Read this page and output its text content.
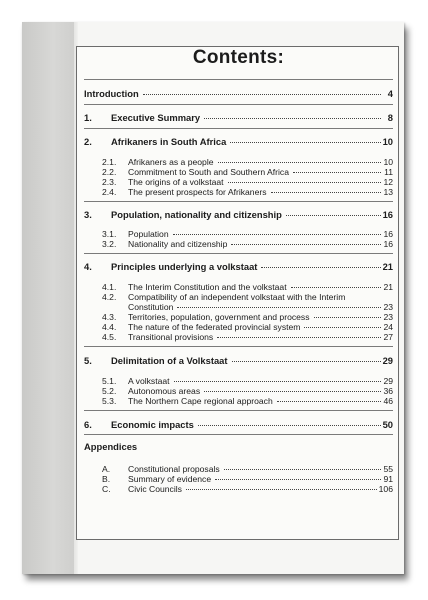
Contents:
Introduction	4
1.	Executive Summary	8
2.	Afrikaners in South Africa	10
2.1.	Afrikaners as a people	10
2.2.	Commitment to South and Southern Africa	11
2.3.	The origins of a volkstaat	12
2.4.	The present prospects for Afrikaners	13
3.	Population, nationality and citizenship	16
3.1.	Population	16
3.2.	Nationality and citizenship	16
4.	Principles underlying a volkstaat	21
4.1.	The Interim Constitution and the volkstaat	21
4.2.	Compatibility of an independent volkstaat with the Interim
Constitution	23
4.3.	Territories, population, government and process	23
4.4.	The nature of the federated provincial system	24
4.5.	Transitional provisions	27
5.	Delimitation of a Volkstaat	29
5.1.	A volkstaat	29
5.2.	Autonomous areas	36
5.3.	The Northern Cape regional approach	46
6.	Economic impacts	50
Appendices
A.	Constitutional proposals	55
B.	Summary of evidence	91
C.	Civic Councils	106
